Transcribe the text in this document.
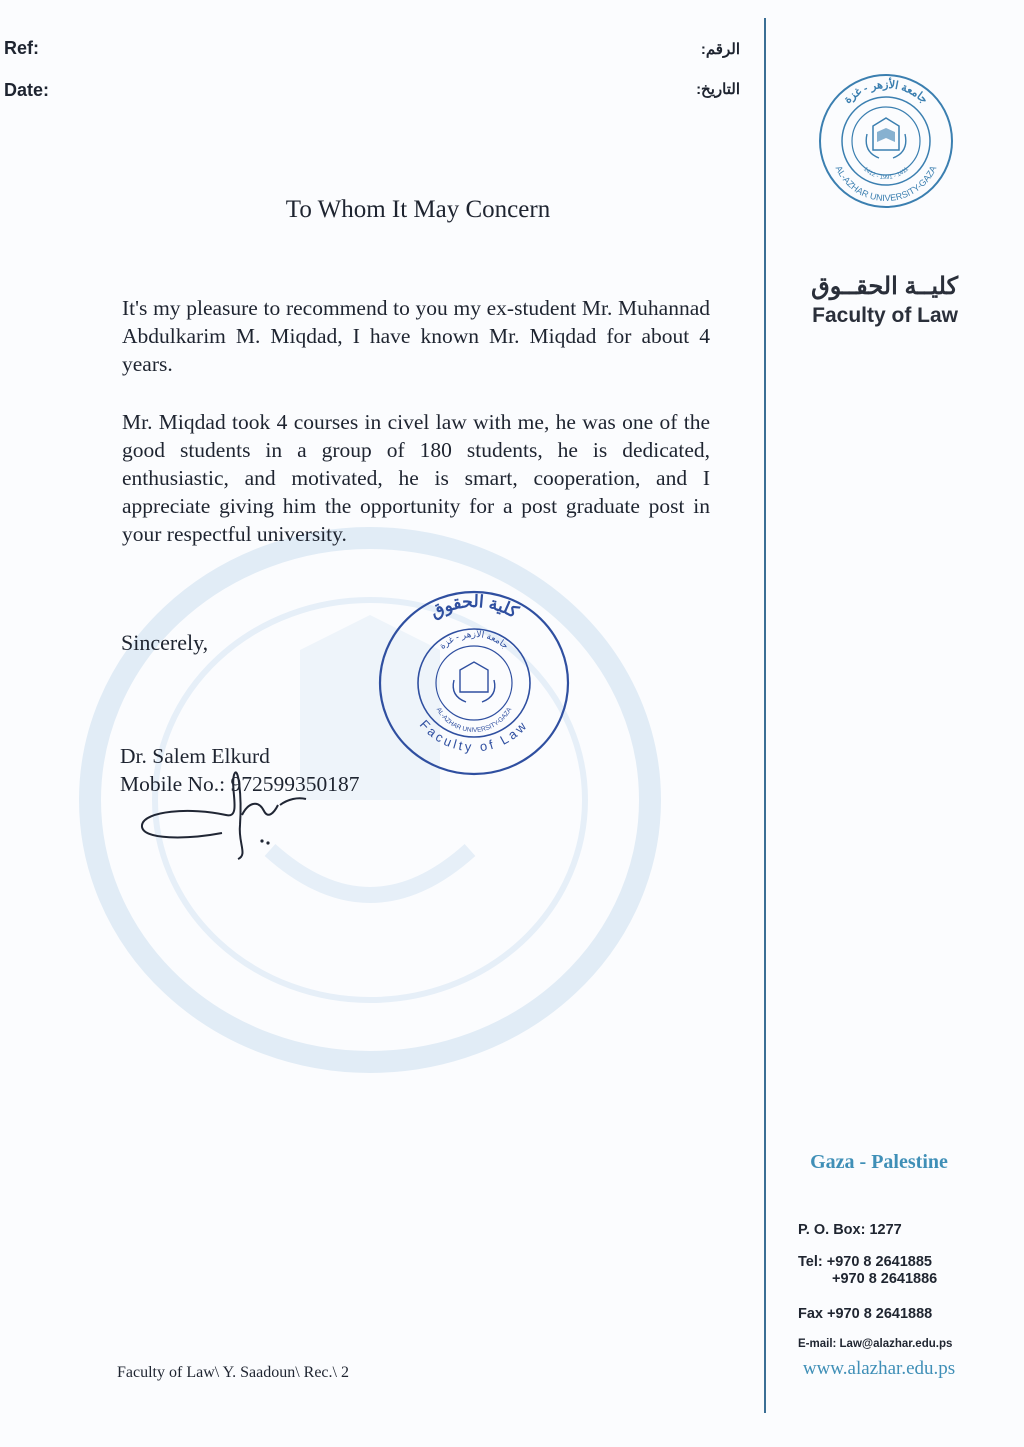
Ref:
Date:
الرقم:
التاريخ:
To Whom It May Concern
It's my pleasure to recommend to you my ex-student Mr. Muhannad Abdulkarim M. Miqdad, I have known Mr. Miqdad for about 4 years.
Mr. Miqdad took 4 courses in civel law with me, he was one of the good students in a group of 180 students, he is dedicated, enthusiastic, and motivated, he is smart, cooperation, and I appreciate giving him the opportunity for a post graduate post in your respectful university.
Sincerely,
Dr. Salem Elkurd
Mobile No.: 972599350187
كلية الحقوق
Faculty of Law
جامعة الأزهر - غزة
AL-AZHAR UNIVERSITY-GAZA
جامعة الأزهر - غزة
AL-AZHAR UNIVERSITY-GAZA
1412 - 1991 - 1411
كليــة الحقــوق
Faculty of Law
Gaza - Palestine
P. O. Box: 1277
Tel: +970 8 2641885
+970 8 2641886
Fax +970 8 2641888
E-mail: Law@alazhar.edu.ps
www.alazhar.edu.ps
Faculty of Law\ Y. Saadoun\ Rec.\ 2
